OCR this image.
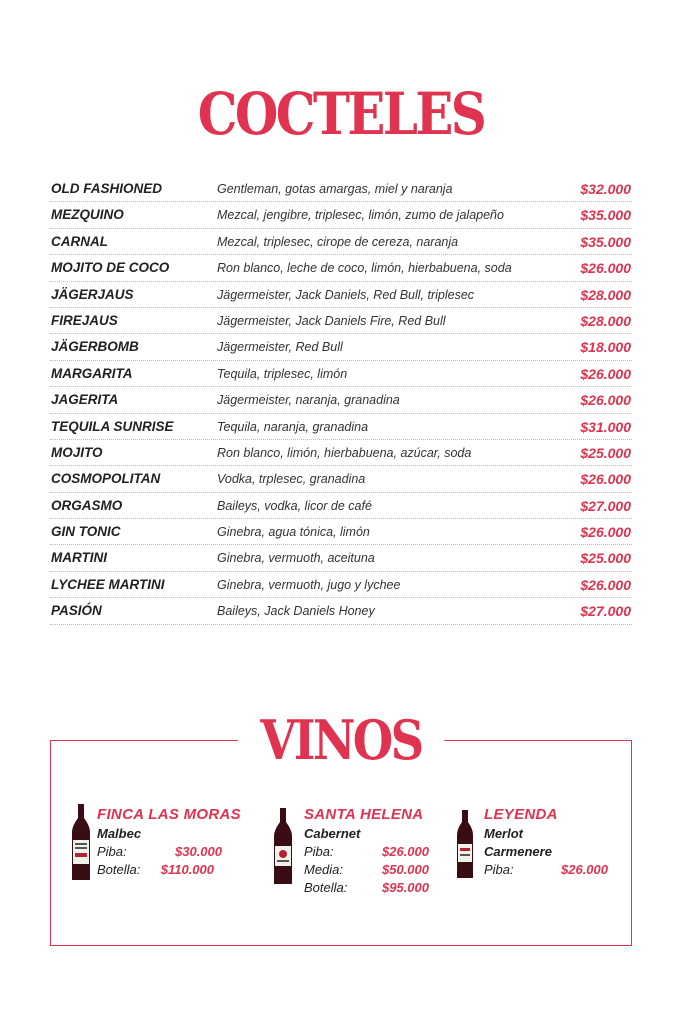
COCTELES
OLD FASHIONED	Gentleman, gotas amargas, miel y naranja	$32.000
MEZQUINO	Mezcal, jengibre, triplesec, limón, zumo de jalapeño	$35.000
CARNAL	Mezcal, triplesec, cirope de cereza, naranja	$35.000
MOJITO DE COCO	Ron blanco, leche de coco, limón, hierbabuena, soda	$26.000
JÄGERJAUS	Jägermeister, Jack Daniels, Red Bull, triplesec	$28.000
FIREJAUS	Jägermeister, Jack Daniels Fire, Red Bull	$28.000
JÄGERBOMB	Jägermeister, Red Bull	$18.000
MARGARITA	Tequila, triplesec, limón	$26.000
JAGERITA	Jägermeister, naranja, granadina	$26.000
TEQUILA SUNRISE	Tequila, naranja, granadina	$31.000
MOJITO	Ron blanco, limón, hierbabuena, azúcar, soda	$25.000
COSMOPOLITAN	Vodka, trplesec, granadina	$26.000
ORGASMO	Baileys, vodka, licor de café	$27.000
GIN TONIC	Ginebra, agua tónica, limón	$26.000
MARTINI	Ginebra, vermuoth, aceituna	$25.000
LYCHEE MARTINI	Ginebra, vermuoth, jugo y lychee	$26.000
PASIÓN	Baileys, Jack Daniels Honey	$27.000
VINOS
FINCA LAS MORAS
Malbec
Piba:	$30.000
Botella:	$110.000
SANTA HELENA
Cabernet
Piba:	$26.000
Media:	$50.000
Botella:	$95.000
LEYENDA
Merlot
Carmenere
Piba:	$26.000
